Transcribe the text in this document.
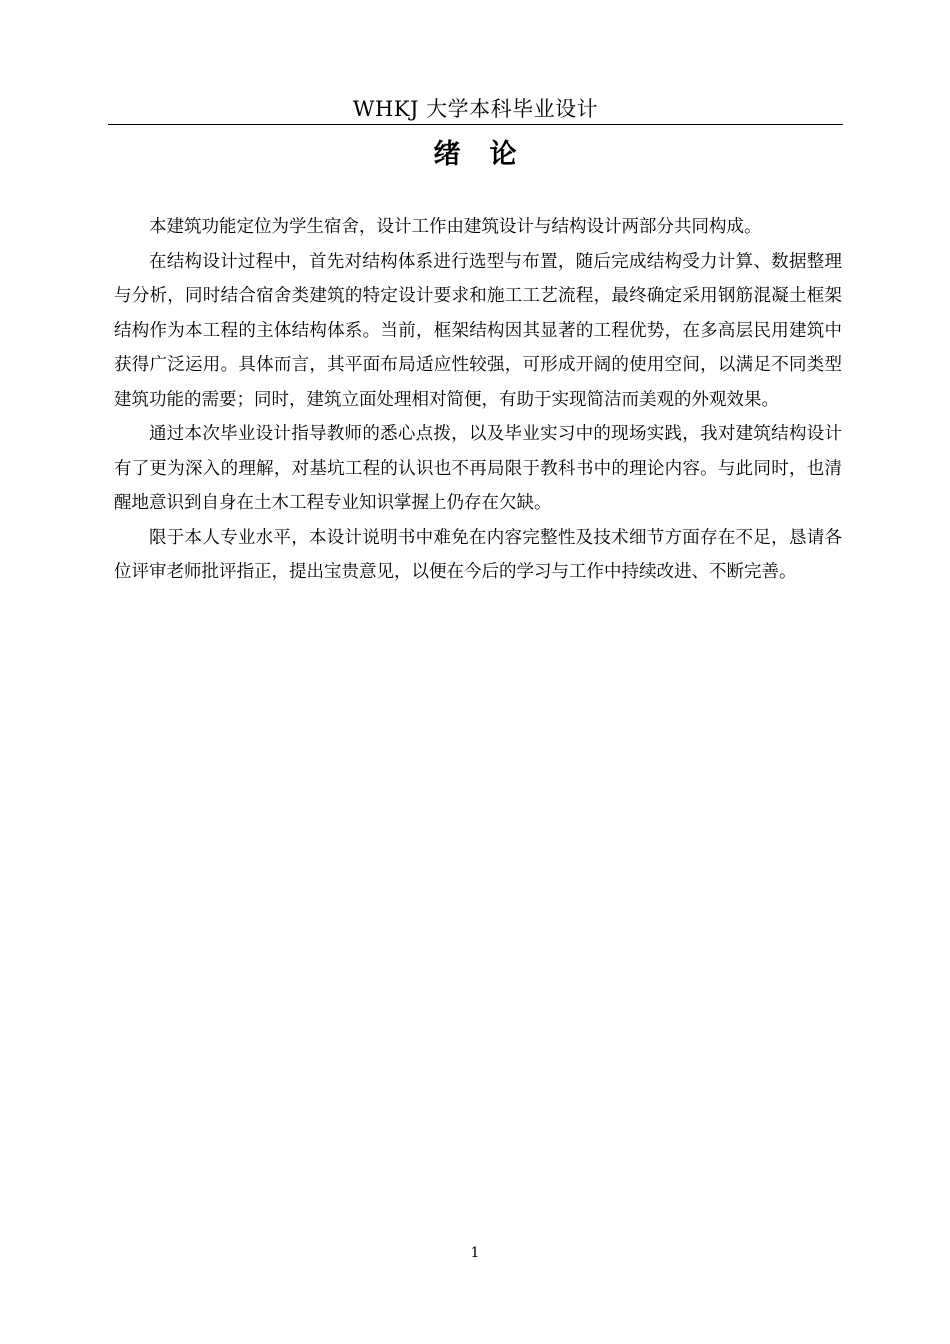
WHKJ 大学本科毕业设计
绪　论

本建筑功能定位为学生宿舍，设计工作由建筑设计与结构设计两部分共同构成。

在结构设计过程中，首先对结构体系进行选型与布置，随后完成结构受力计算、数据整理与分析，同时结合宿舍类建筑的特定设计要求和施工工艺流程，最终确定采用钢筋混凝土框架结构作为本工程的主体结构体系。当前，框架结构因其显著的工程优势，在多高层民用建筑中获得广泛运用。具体而言，其平面布局适应性较强，可形成开阔的使用空间，以满足不同类型建筑功能的需要；同时，建筑立面处理相对简便，有助于实现简洁而美观的外观效果。

通过本次毕业设计指导教师的悉心点拨，以及毕业实习中的现场实践，我对建筑结构设计有了更为深入的理解，对基坑工程的认识也不再局限于教科书中的理论内容。与此同时，也清醒地意识到自身在土木工程专业知识掌握上仍存在欠缺。

限于本人专业水平，本设计说明书中难免在内容完整性及技术细节方面存在不足，恳请各位评审老师批评指正，提出宝贵意见，以便在今后的学习与工作中持续改进、不断完善。

1
